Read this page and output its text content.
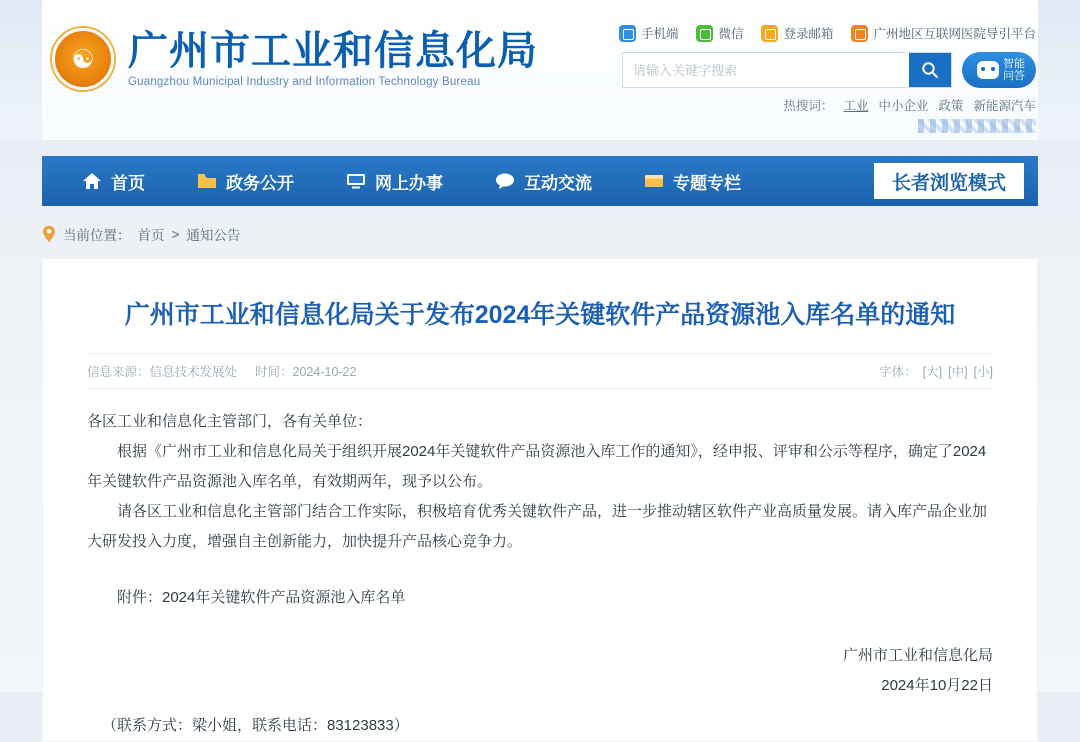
☯ 广州市工业和信息化局
Guangzhou Municipal Industry and Information Technology Bureau
手机端	微信	登录邮箱	广州地区互联网医院导引平台
请输入关键字搜索
智能
问答
热搜词： 工业 中小企业 政策 新能源汽车
首页	政务公开	网上办事	互动交流	专题专栏	长者浏览模式
当前位置： 首页 > 通知公告
广州市工业和信息化局关于发布2024年关键软件产品资源池入库名单的通知
信息来源：信息技术发展处 时间：2024-10-22	字体： [大] [中] [小]

各区工业和信息化主管部门，各有关单位：

根据《广州市工业和信息化局关于组织开展2024年关键软件产品资源池入库工作的通知》，经申报、评审和公示等程序，确定了2024年关键软件产品资源池入库名单，有效期两年，现予以公布。

请各区工业和信息化主管部门结合工作实际，积极培育优秀关键软件产品，进一步推动辖区软件产业高质量发展。请入库产品企业加大研发投入力度，增强自主创新能力，加快提升产品核心竞争力。

附件：2024年关键软件产品资源池入库名单

广州市工业和信息化局
2024年10月22日
（联系方式：梁小姐，联系电话：83123833）
